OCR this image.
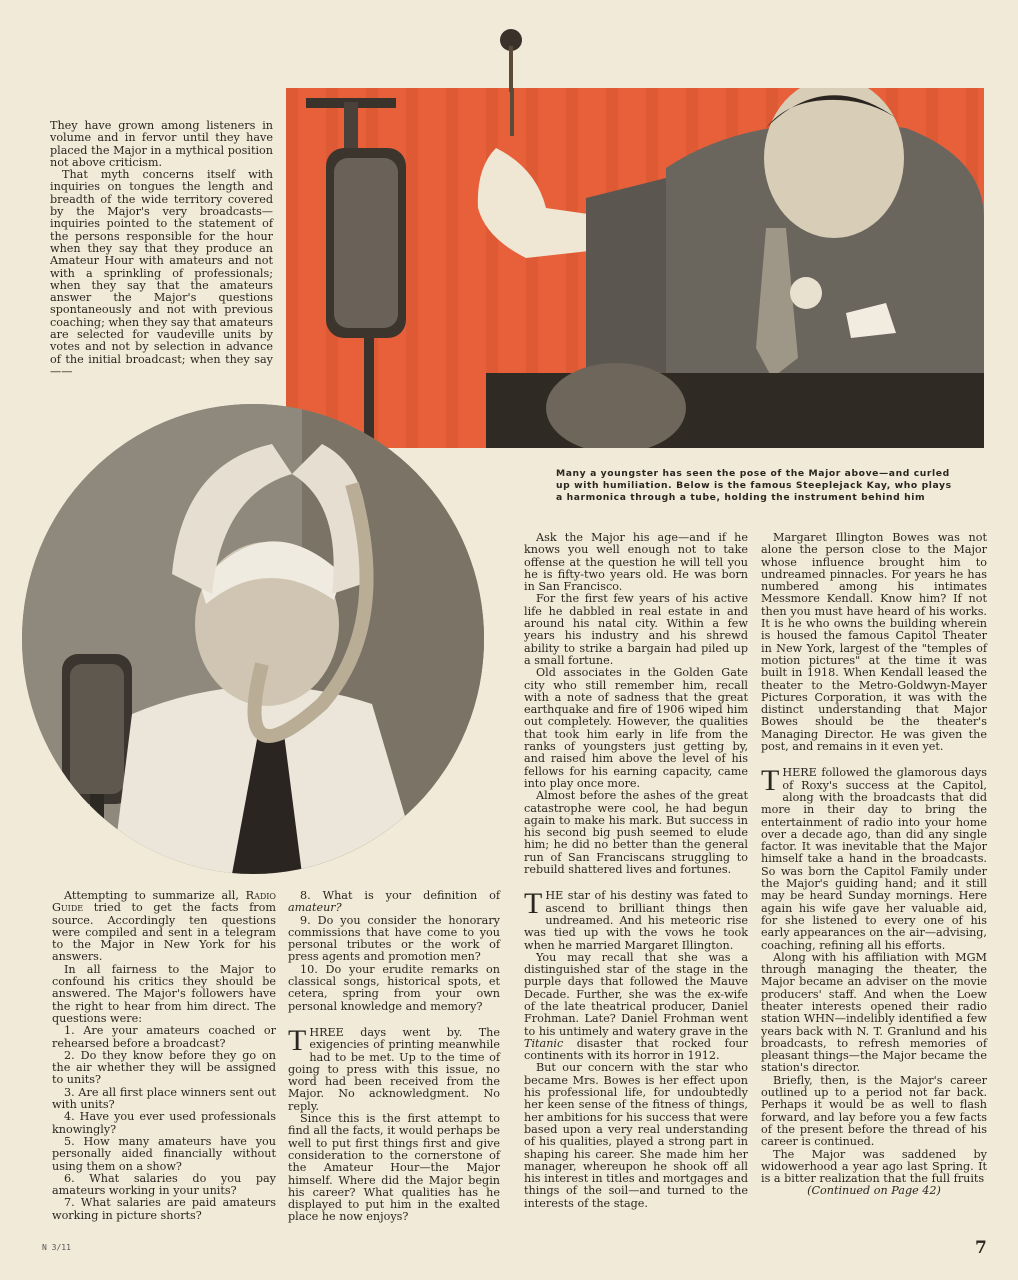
They have grown among listeners in volume and in fervor until they have placed the Major in a mythical position not above criticism.

That myth concerns itself with inquiries on tongues the length and breadth of the wide territory covered by the Major's very broadcasts—inquiries pointed to the statement of the persons responsible for the hour when they say that they produce an Amateur Hour with amateurs and not with a sprinkling of professionals; when they say that the amateurs answer the Major's questions spontaneously and not with previous coaching; when they say that amateurs are selected for vaudeville units by votes and not by selection in advance of the initial broadcast; when they say——

Many a youngster has seen the pose of the Major above—and curled up with humiliation. Below is the famous Steeplejack Kay, who plays a harmonica through a tube, holding the instrument behind him

Attempting to summarize all, Radio Guide tried to get the facts from source. Accordingly ten questions were compiled and sent in a telegram to the Major in New York for his answers.

In all fairness to the Major to confound his critics they should be answered. The Major's followers have the right to hear from him direct. The questions were:

1. Are your amateurs coached or rehearsed before a broadcast?

2. Do they know before they go on the air whether they will be assigned to units?

3. Are all first place winners sent out with units?

4. Have you ever used professionals knowingly?

5. How many amateurs have you personally aided financially without using them on a show?

6. What salaries do you pay amateurs working in your units?

7. What salaries are paid amateurs working in picture shorts?

8. What is your definition of amateur?

9. Do you consider the honorary commissions that have come to you personal tributes or the work of press agents and promotion men?

10. Do your erudite remarks on classical songs, historical spots, et cetera, spring from your own personal knowledge and memory?

THREE days went by. The exigencies of printing meanwhile had to be met. Up to the time of going to press with this issue, no word had been received from the Major. No acknowledgment. No reply.

Since this is the first attempt to find all the facts, it would perhaps be well to put first things first and give consideration to the cornerstone of the Amateur Hour—the Major himself. Where did the Major begin his career? What qualities has he displayed to put him in the exalted place he now enjoys?

Ask the Major his age—and if he knows you well enough not to take offense at the question he will tell you he is fifty-two years old. He was born in San Francisco.

For the first few years of his active life he dabbled in real estate in and around his natal city. Within a few years his industry and his shrewd ability to strike a bargain had piled up a small fortune.

Old associates in the Golden Gate city who still remember him, recall with a note of sadness that the great earthquake and fire of 1906 wiped him out completely. However, the qualities that took him early in life from the ranks of youngsters just getting by, and raised him above the level of his fellows for his earning capacity, came into play once more.

Almost before the ashes of the great catastrophe were cool, he had begun again to make his mark. But success in his second big push seemed to elude him; he did no better than the general run of San Franciscans struggling to rebuild shattered lives and fortunes.

THE star of his destiny was fated to ascend to brilliant things then undreamed. And his meteoric rise was tied up with the vows he took when he married Margaret Illington.

You may recall that she was a distinguished star of the stage in the purple days that followed the Mauve Decade. Further, she was the ex-wife of the late theatrical producer, Daniel Frohman. Late? Daniel Frohman went to his untimely and watery grave in the Titanic disaster that rocked four continents with its horror in 1912.

But our concern with the star who became Mrs. Bowes is her effect upon his professional life, for undoubtedly her keen sense of the fitness of things, her ambitions for his success that were based upon a very real understanding of his qualities, played a strong part in shaping his career. She made him her manager, whereupon he shook off all his interest in titles and mortgages and things of the soil—and turned to the interests of the stage.

Margaret Illington Bowes was not alone the person close to the Major whose influence brought him to undreamed pinnacles. For years he has numbered among his intimates Messmore Kendall. Know him? If not then you must have heard of his works. It is he who owns the building wherein is housed the famous Capitol Theater in New York, largest of the "temples of motion pictures" at the time it was built in 1918. When Kendall leased the theater to the Metro-Goldwyn-Mayer Pictures Corporation, it was with the distinct understanding that Major Bowes should be the theater's Managing Director. He was given the post, and remains in it even yet.

THERE followed the glamorous days of Roxy's success at the Capitol, along with the broadcasts that did more in their day to bring the entertainment of radio into your home over a decade ago, than did any single factor. It was inevitable that the Major himself take a hand in the broadcasts. So was born the Capitol Family under the Major's guiding hand; and it still may be heard Sunday mornings. Here again his wife gave her valuable aid, for she listened to every one of his early appearances on the air—advising, coaching, refining all his efforts.

Along with his affiliation with MGM through managing the theater, the Major became an adviser on the movie producers' staff. And when the Loew theater interests opened their radio station WHN—indelibly identified a few years back with N. T. Granlund and his broadcasts, to refresh memories of pleasant things—the Major became the station's director.

Briefly, then, is the Major's career outlined up to a period not far back. Perhaps it would be as well to flash forward, and lay before you a few facts of the present before the thread of his career is continued.

The Major was saddened by widowerhood a year ago last Spring. It is a bitter realization that the full fruits

(Continued on Page 42)

N 3/11	7
